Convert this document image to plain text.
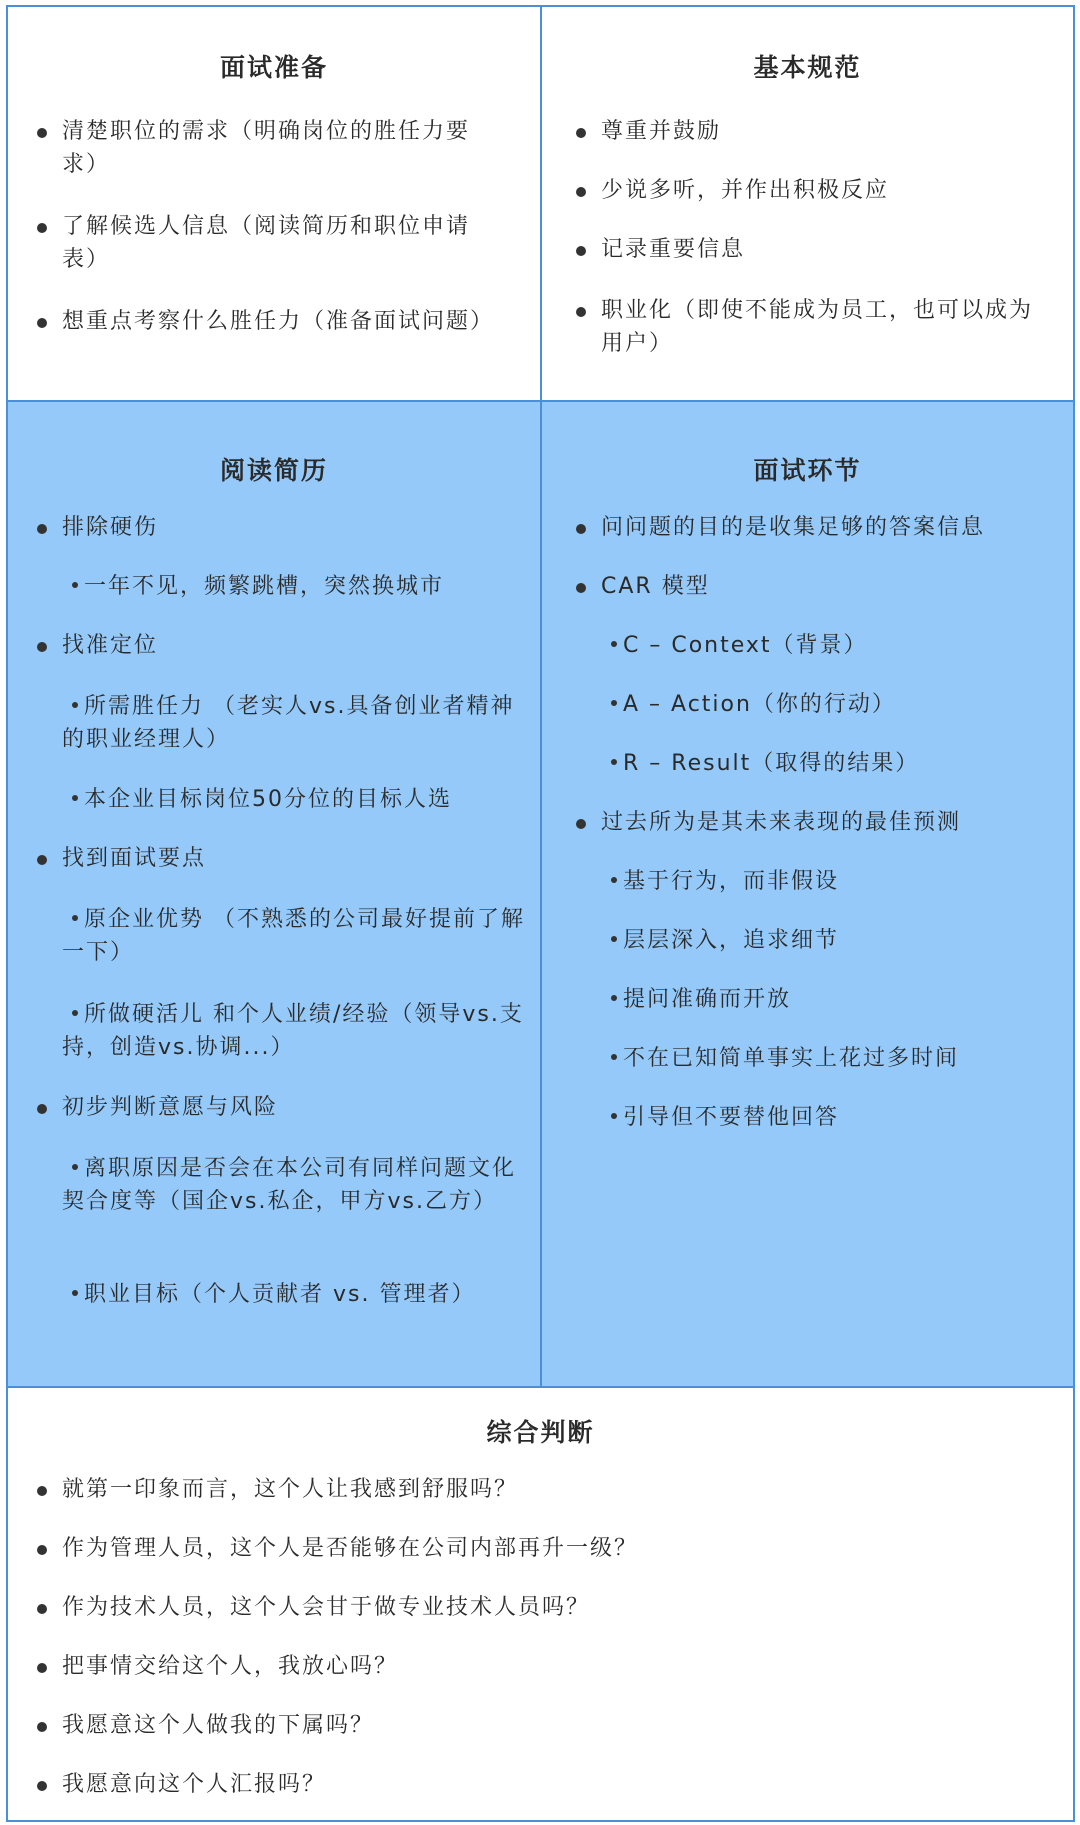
面试准备
清楚职位的需求（明确岗位的胜任力要求）
了解候选人信息（阅读简历和职位申请表）
想重点考察什么胜任力（准备面试问题）
基本规范
尊重并鼓励
少说多听，并作出积极反应
记录重要信息
职业化（即使不能成为员工，也可以成为用户）
阅读简历
排除硬伤
一年不见，频繁跳槽，突然换城市
找准定位
所需胜任力 （老实人vs.具备创业者精神的职业经理人）
本企业目标岗位50分位的目标人选
找到面试要点
原企业优势 （不熟悉的公司最好提前了解一下）
所做硬活儿 和个人业绩/经验（领导vs.支持，创造vs.协调...）
初步判断意愿与风险
离职原因是否会在本公司有同样问题文化契合度等（国企vs.私企，甲方vs.乙方）
职业目标（个人贡献者 vs. 管理者）
面试环节
问问题的目的是收集足够的答案信息
CAR 模型
C – Context（背景）
A – Action（你的行动）
R – Result（取得的结果）
过去所为是其未来表现的最佳预测
基于行为，而非假设
层层深入，追求细节
提问准确而开放
不在已知简单事实上花过多时间
引导但不要替他回答
综合判断
就第一印象而言，这个人让我感到舒服吗？
作为管理人员，这个人是否能够在公司内部再升一级？
作为技术人员，这个人会甘于做专业技术人员吗？
把事情交给这个人，我放心吗？
我愿意这个人做我的下属吗？
我愿意向这个人汇报吗？
